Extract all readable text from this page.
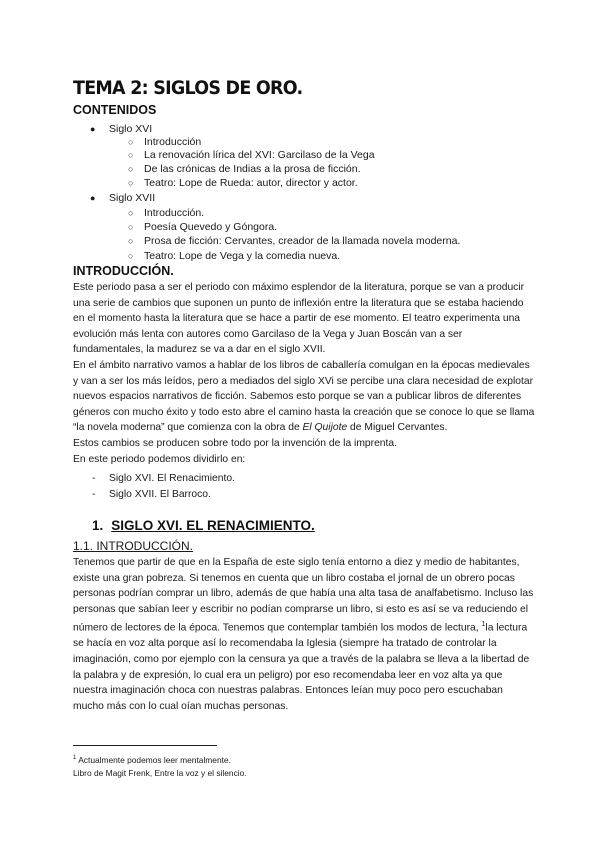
TEMA 2: SIGLOS DE ORO.
CONTENIDOS
● Siglo XVI
○ Introducción
○ La renovación lírica del XVI: Garcilaso de la Vega
○ De las crónicas de Indias a la prosa de ficción.
○ Teatro: Lope de Rueda: autor, director y actor.
● Siglo XVII
○ Introducción.
○ Poesía Quevedo y Góngora.
○ Prosa de ficción: Cervantes, creador de la llamada novela moderna.
○ Teatro: Lope de Vega y la comedia nueva.
INTRODUCCIÓN.

Este periodo pasa a ser el periodo con máximo esplendor de la literatura, porque se van a producir una serie de cambios que suponen un punto de inflexión entre la literatura que se estaba haciendo en el momento hasta la literatura que se hace a partir de ese momento. El teatro experimenta una evolución más lenta con autores como Garcilaso de la Vega y Juan Boscán van a ser fundamentales, la madurez se va a dar en el siglo XVII.

En el ámbito narrativo vamos a hablar de los libros de caballería comulgan en la épocas medievales y van a ser los más leídos, pero a mediados del siglo XVi se percibe una clara necesidad de explotar nuevos espacios narrativos de ficción. Sabemos esto porque se van a publicar libros de diferentes géneros con mucho éxito y todo esto abre el camino hasta la creación que se conoce lo que se llama “la novela moderna” que comienza con la obra de El Quijote de Miguel Cervantes.

Estos cambios se producen sobre todo por la invención de la imprenta.

En este periodo podemos dividirlo en:

-	Siglo XVI. El Renacimiento.
-	Siglo XVII. El Barroco.
1. SIGLO XVI. EL RENACIMIENTO.
1.1. INTRODUCCIÓN.

Tenemos que partir de que en la España de este siglo tenía entorno a diez y medio de habitantes, existe una gran pobreza. Si tenemos en cuenta que un libro costaba el jornal de un obrero pocas personas podrían comprar un libro, además de que había una alta tasa de analfabetismo. Incluso las personas que sabían leer y escribir no podían comprarse un libro, si esto es así se va reduciendo el número de lectores de la época. Tenemos que contemplar también los modos de lectura, $^1$la lectura se hacía en voz alta porque así lo recomendaba la Iglesia (siempre ha tratado de controlar la imaginación, como por ejemplo con la censura ya que a través de la palabra se lleva a la libertad de la palabra y de expresión, lo cual era un peligro) por eso recomendaba leer en voz alta ya que nuestra imaginación choca con nuestras palabras. Entonces leían muy poco pero escuchaban mucho más con lo cual oían muchas personas.

$^1$ Actualmente podemos leer mentalmente.
Libro de Magit Frenk, Entre la voz y el silencio.
